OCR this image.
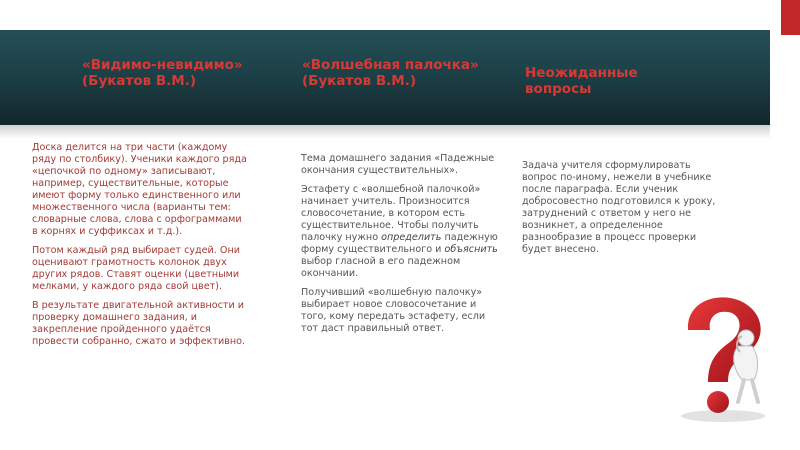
«Видимо-невидимо» (Букатов В.М.)
«Волшебная палочка» (Букатов В.М.)	Неожиданные вопросы

Доска делится на три части (каждому ряду по столбику). Ученики каждого ряда «цепочкой по одному» записывают, например, существительные, которые имеют форму только единственного или множественного числа (варианты тем: словарные слова, слова с орфограммами в корнях и суффиксах и т.д.).

Потом каждый ряд выбирает судей. Они оценивают грамотность колонок двух других рядов. Ставят оценки (цветными мелками, у каждого ряда свой цвет).

В результате двигательной активности и проверку домашнего задания, и закрепление пройденного удаётся провести собранно, сжато и эффективно.

Тема домашнего задания «Падежные окончания существительных».

Эстафету с «волшебной палочкой» начинает учитель. Произносится словосочетание, в котором есть существительное. Чтобы получить палочку нужно определить падежную форму существительного и объяснить выбор гласной в его падежном окончании.

Получивший «волшебную палочку» выбирает новое словосочетание и того, кому передать эстафету, если тот даст правильный ответ.

Задача учителя сформулировать вопрос по-иному, нежели в учебнике после параграфа. Если ученик добросовестно подготовился к уроку, затруднений с ответом у него не возникнет, а определенное разнообразие в процесс проверки будет внесено.
